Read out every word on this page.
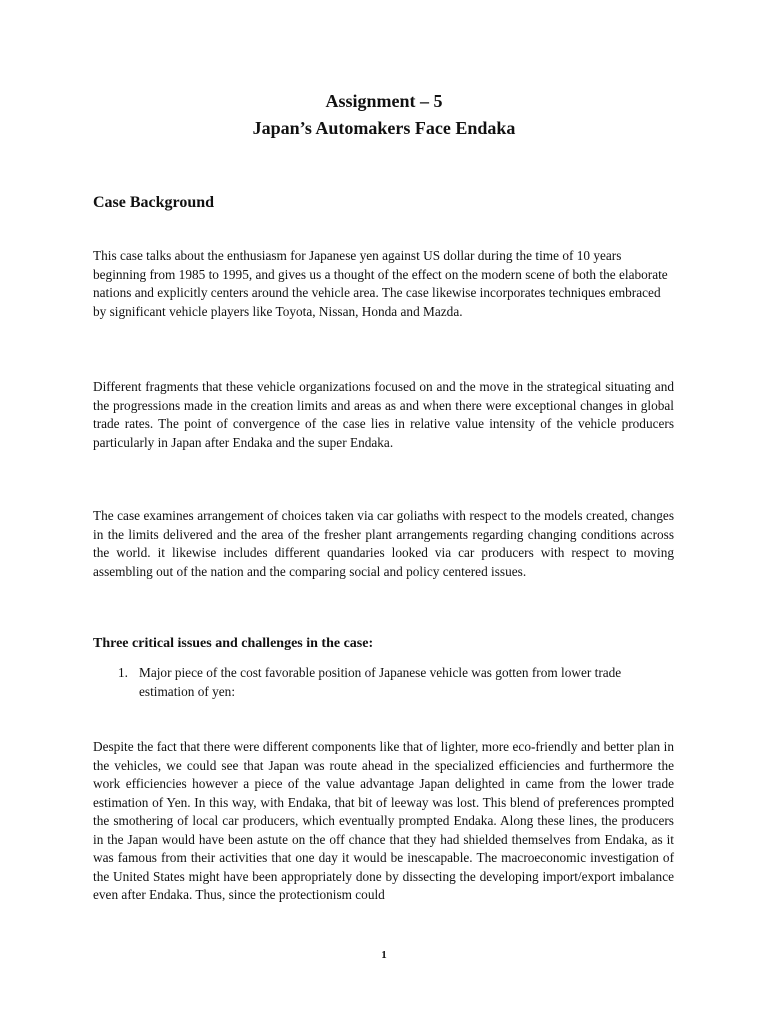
Assignment – 5
Japan’s Automakers Face Endaka
Case Background

This case talks about the enthusiasm for Japanese yen against US dollar during the time of 10 years beginning from 1985 to 1995, and gives us a thought of the effect on the modern scene of both the elaborate nations and explicitly centers around the vehicle area. The case likewise incorporates techniques embraced by significant vehicle players like Toyota, Nissan, Honda and Mazda.

Different fragments that these vehicle organizations focused on and the move in the strategical situating and the progressions made in the creation limits and areas as and when there were exceptional changes in global trade rates. The point of convergence of the case lies in relative value intensity of the vehicle producers particularly in Japan after Endaka and the super Endaka.

The case examines arrangement of choices taken via car goliaths with respect to the models created, changes in the limits delivered and the area of the fresher plant arrangements regarding changing conditions across the world. it likewise includes different quandaries looked via car producers with respect to moving assembling out of the nation and the comparing social and policy centered issues.

Three critical issues and challenges in the case:
1. Major piece of the cost favorable position of Japanese vehicle was gotten from lower trade estimation of yen:

Despite the fact that there were different components like that of lighter, more eco-friendly and better plan in the vehicles, we could see that Japan was route ahead in the specialized efficiencies and furthermore the work efficiencies however a piece of the value advantage Japan delighted in came from the lower trade estimation of Yen. In this way, with Endaka, that bit of leeway was lost. This blend of preferences prompted the smothering of local car producers, which eventually prompted Endaka. Along these lines, the producers in the Japan would have been astute on the off chance that they had shielded themselves from Endaka, as it was famous from their activities that one day it would be inescapable. The macroeconomic investigation of the United States might have been appropriately done by dissecting the developing import/export imbalance even after Endaka. Thus, since the protectionism could

1
